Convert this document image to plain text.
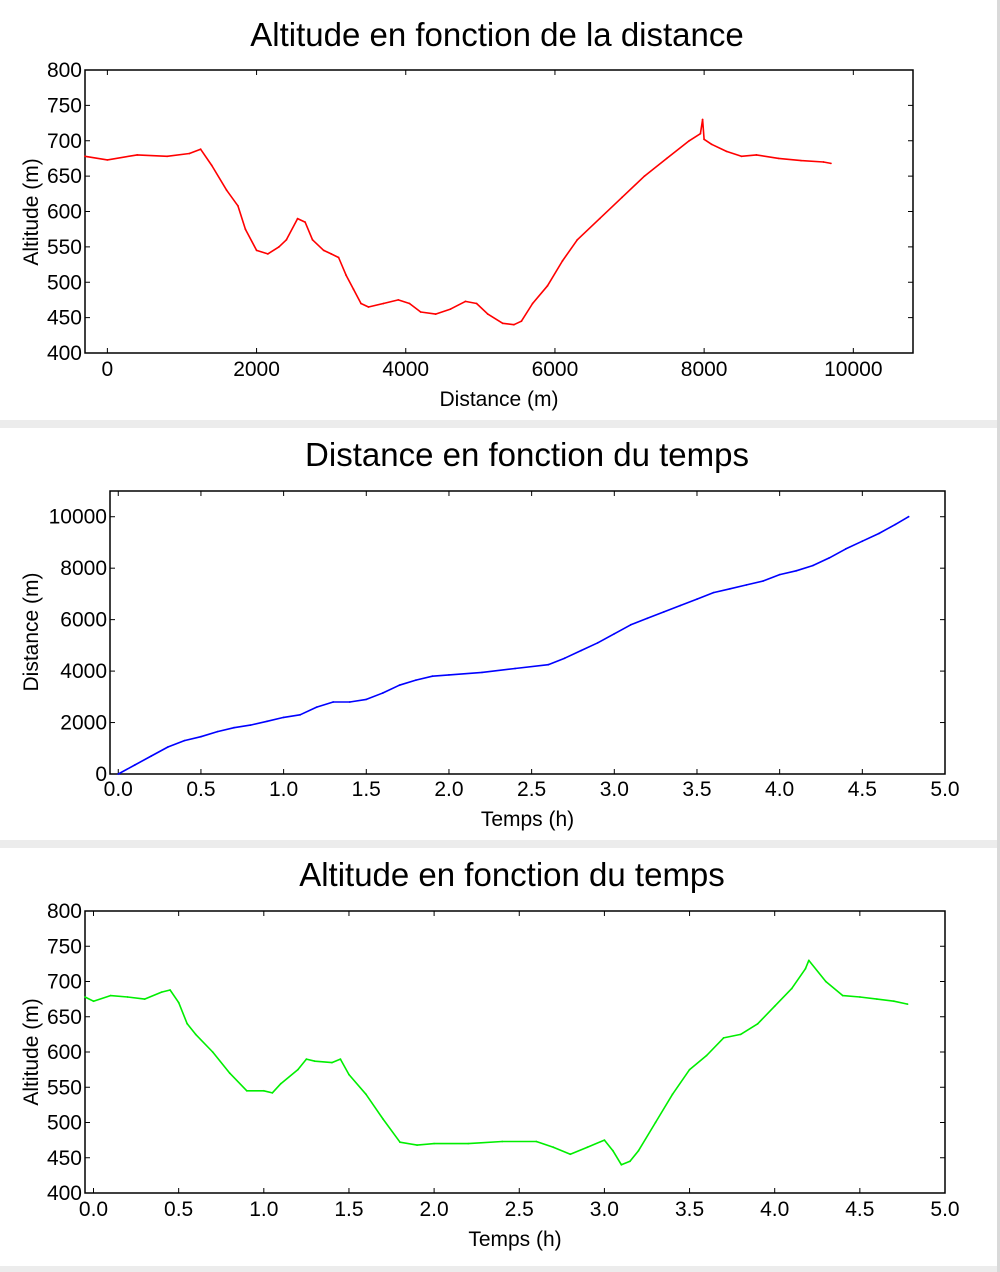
Altitude en fonction de la distance
400
450
500
550
600
650
700
750
800
0	2000	4000	6000	8000	10000
Distance (m)
Altitude (m)
Distance en fonction du temps
0
2000
4000
6000
8000
10000
0.0	0.5	1.0	1.5	2.0	2.5	3.0	3.5	4.0	4.5	5.0
Temps (h)
Distance (m)
Altitude en fonction du temps
400
450
500
550
600
650
700
750
800
0.0	0.5	1.0	1.5	2.0	2.5	3.0	3.5	4.0	4.5	5.0
Temps (h)
Altitude (m)
